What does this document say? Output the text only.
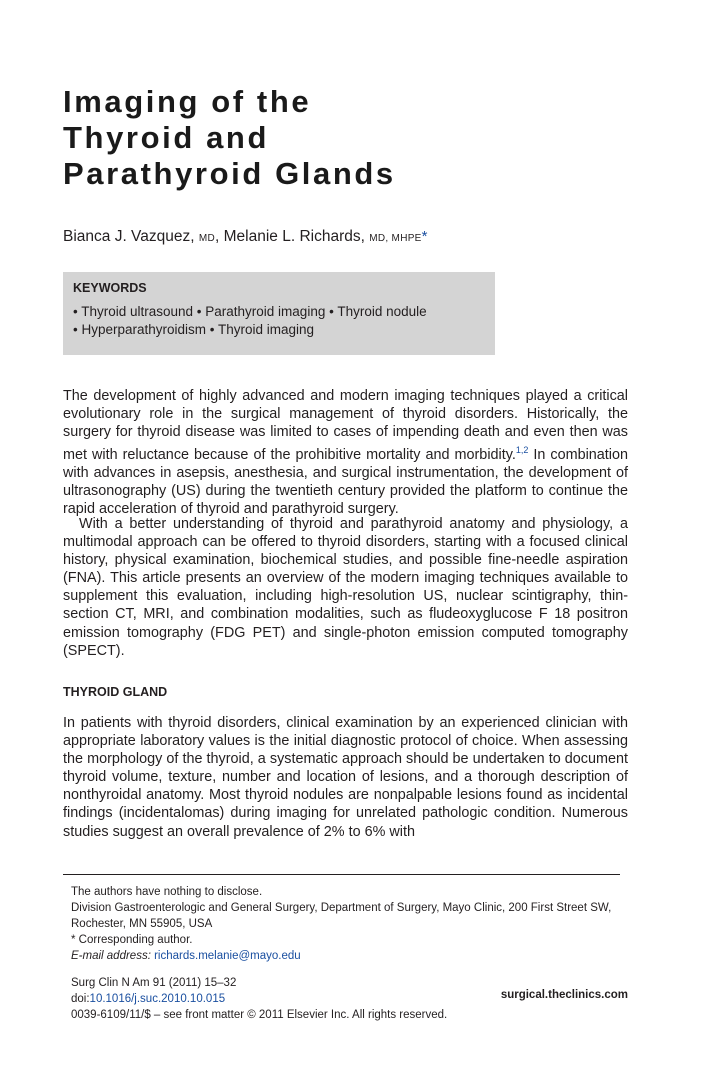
Imaging of the
Thyroid and
Parathyroid Glands
Bianca J. Vazquez, MD, Melanie L. Richards, MD, MHPE*
KEYWORDS
• Thyroid ultrasound • Parathyroid imaging • Thyroid nodule
• Hyperparathyroidism • Thyroid imaging

The development of highly advanced and modern imaging techniques played a critical evolutionary role in the surgical management of thyroid disorders. Historically, the surgery for thyroid disease was limited to cases of impending death and even then was met with reluctance because of the prohibitive mortality and morbidity.$^{1,2}$ In combination with advances in asepsis, anesthesia, and surgical instrumentation, the development of ultrasonography (US) during the twentieth century provided the platform to continue the rapid acceleration of thyroid and parathyroid surgery.

With a better understanding of thyroid and parathyroid anatomy and physiology, a multimodal approach can be offered to thyroid disorders, starting with a focused clinical history, physical examination, biochemical studies, and possible fine-needle aspiration (FNA). This article presents an overview of the modern imaging techniques available to supplement this evaluation, including high-resolution US, nuclear scintigraphy, thin-section CT, MRI, and combination modalities, such as fludeoxyglucose F 18 positron emission tomography (FDG PET) and single-photon emission computed tomography (SPECT).

THYROID GLAND

In patients with thyroid disorders, clinical examination by an experienced clinician with appropriate laboratory values is the initial diagnostic protocol of choice. When assessing the morphology of the thyroid, a systematic approach should be undertaken to document thyroid volume, texture, number and location of lesions, and a thorough description of nonthyroidal anatomy. Most thyroid nodules are nonpalpable lesions found as incidental findings (incidentalomas) during imaging for unrelated pathologic condition. Numerous studies suggest an overall prevalence of 2% to 6% with

The authors have nothing to disclose.
Division Gastroenterologic and General Surgery, Department of Surgery, Mayo Clinic, 200 First Street SW, Rochester, MN 55905, USA
* Corresponding author.
E-mail address: richards.melanie@mayo.edu
Surg Clin N Am 91 (2011) 15–32
doi:10.1016/j.suc.2010.10.015	surgical.theclinics.com
0039-6109/11/$ – see front matter © 2011 Elsevier Inc. All rights reserved.
